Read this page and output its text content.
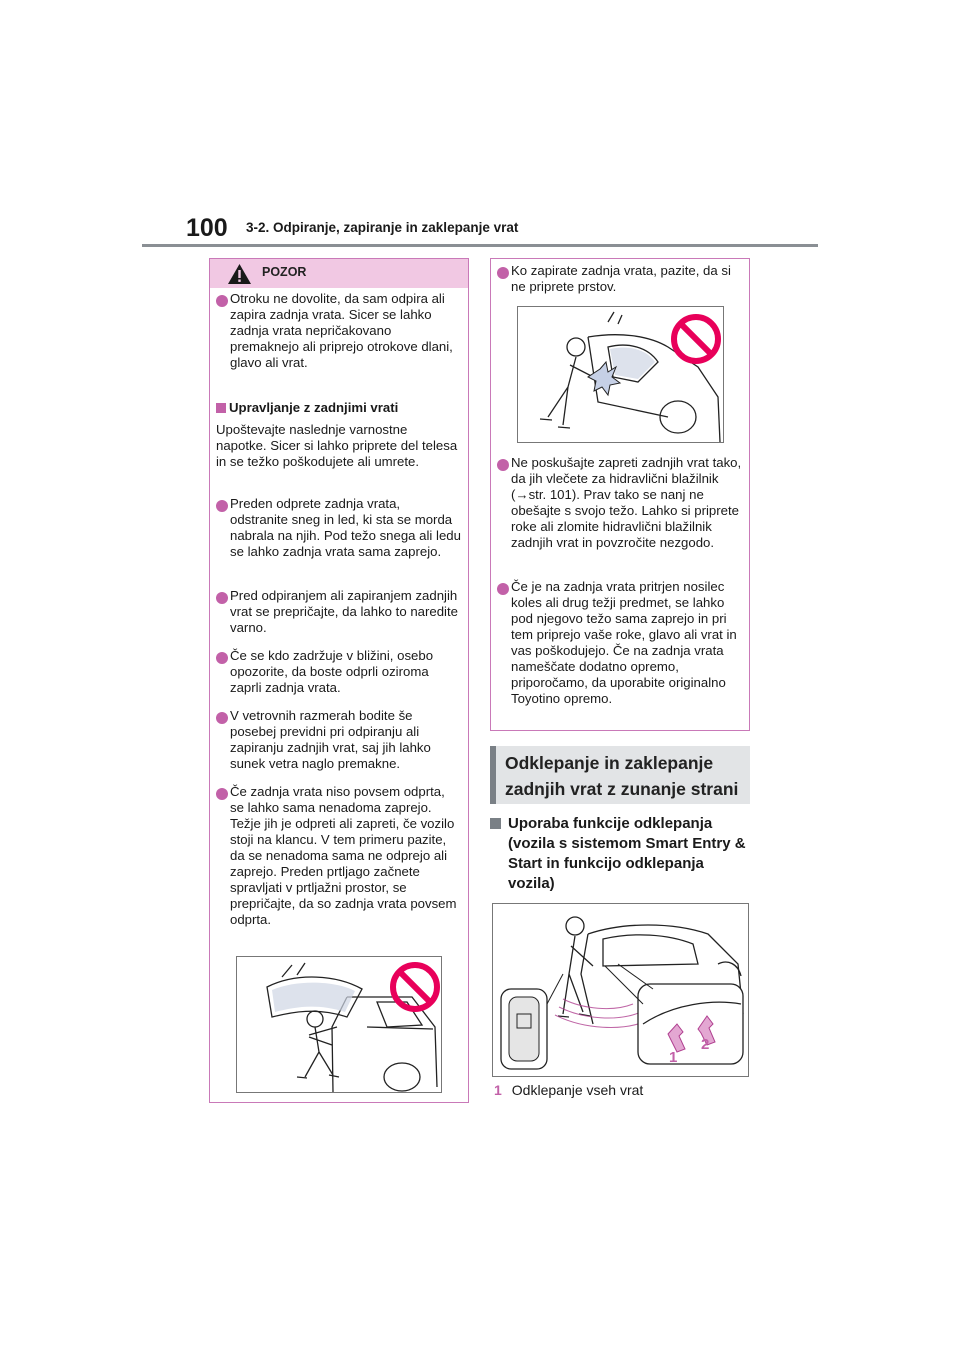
100 3-2. Odpiranje, zapiranje in zaklepanje vrat
POZOR
Otroku ne dovolite, da sam odpira ali zapira zadnja vrata. Sicer se lahko zadnja vrata nepričakovano premaknejo ali priprejo otrokove dlani, glavo ali vrat.
Upravljanje z zadnjimi vrati
Upoštevajte naslednje varnostne napotke. Sicer si lahko priprete del telesa in se težko poškodujete ali umrete.
Preden odprete zadnja vrata, odstranite sneg in led, ki sta se morda nabrala na njih. Pod težo snega ali ledu se lahko zadnja vrata sama zaprejo.
Pred odpiranjem ali zapiranjem zadnjih vrat se prepričajte, da lahko to naredite varno.
Če se kdo zadržuje v bližini, osebo opozorite, da boste odprli oziroma zaprli zadnja vrata.
V vetrovnih razmerah bodite še posebej previdni pri odpiranju ali zapiranju zadnjih vrat, saj jih lahko sunek vetra naglo premakne.
Če zadnja vrata niso povsem odprta, se lahko sama nenadoma zaprejo. Težje jih je odpreti ali zapreti, če vozilo stoji na klancu. V tem primeru pazite, da se nenadoma sama ne odprejo ali zaprejo. Preden prtljago začnete spravljati v prtljažni prostor, se prepričajte, da so zadnja vrata povsem odprta.
Ko zapirate zadnja vrata, pazite, da si ne priprete prstov.
Ne poskušajte zapreti zadnjih vrat tako, da jih vlečete za hidravlični blažilnik (→str. 101). Prav tako se nanj ne obešajte s svojo težo. Lahko si priprete roke ali zlomite hidravlični blažilnik zadnjih vrat in povzročite nezgodo.
Če je na zadnja vrata pritrjen nosilec koles ali drug težji predmet, se lahko pod njegovo težo sama zaprejo in pri tem priprejo vaše roke, glavo ali vrat in vas poškodujejo. Če na zadnja vrata nameščate dodatno opremo, priporočamo, da uporabite originalno Toyotino opremo.
Odklepanje in zaklepanje
zadnjih vrat z zunanje strani
Uporaba funkcije odklepanja (vozila s sistemom Smart Entry & Start in funkcijo odklepanja vozila)
1
2
1 Odklepanje vseh vrat
